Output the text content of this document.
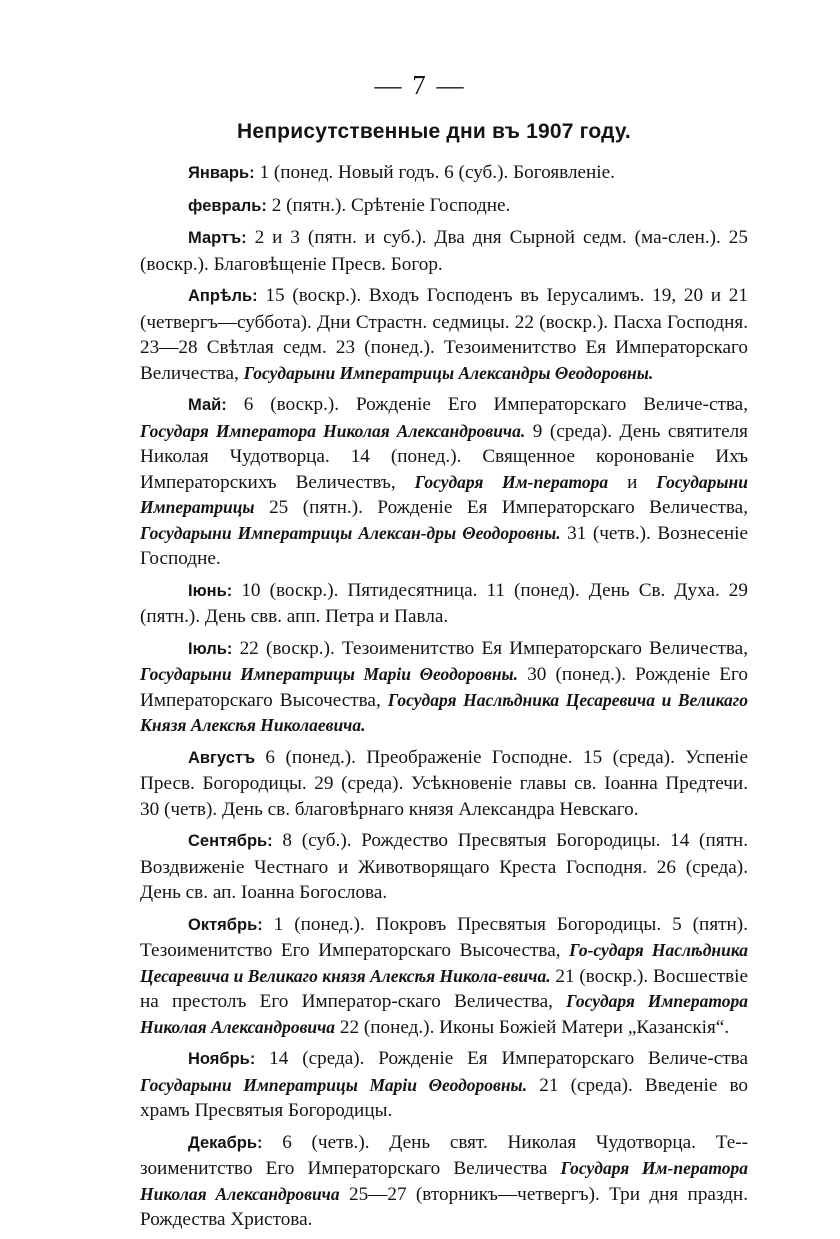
— 7 —
Неприсутственные дни въ 1907 году.

Январь: 1 (понед. Новый годъ. 6 (суб.). Богоявленіе.

февраль: 2 (пятн.). Срѣтеніе Господне.

Мартъ: 2 и 3 (пятн. и суб.). Два дня Сырной седм. (ма-слен.). 25 (воскр.). Благовѣщеніе Пресв. Богор.

Апрѣль: 15 (воскр.). Входъ Господенъ въ Іерусалимъ. 19, 20 и 21 (четвергъ—суббота). Дни Страстн. седмицы. 22 (воскр.). Пасха Господня. 23—28 Свѣтлая седм. 23 (понед.). Тезоименитство Ея Императорскаго Величества, Государыни Императрицы Александры Θеодоровны.

Май: 6 (воскр.). Рожденіе Его Императорскаго Величе-ства, Государя Императора Николая Александровича. 9 (среда). День святителя Николая Чудотворца. 14 (понед.). Священное коронованіе Ихъ Императорскихъ Величествъ, Государя Им-ператора и Государыни Императрицы 25 (пятн.). Рожденіе Ея Императорскаго Величества, Государыни Императрицы Алексан-дры Θеодоровны. 31 (четв.). Вознесеніе Господне.

Іюнь: 10 (воскр.). Пятидесятница. 11 (понед). День Св. Духа. 29 (пятн.). День свв. апп. Петра и Павла.

Іюль: 22 (воскр.). Тезоименитство Ея Императорскаго Величества, Государыни Императрицы Маріи Θеодоровны. 30 (понед.). Рожденіе Его Императорскаго Высочества, Государя Наслѣдника Цесаревича и Великаго Князя Алексѣя Николаевича.

Августъ 6 (понед.). Преображеніе Господне. 15 (среда). Успеніе Пресв. Богородицы. 29 (среда). Усѣкновеніе главы св. Іоанна Предтечи. 30 (четв). День св. благовѣрнаго князя Александра Невскаго.

Сентябрь: 8 (суб.). Рождество Пресвятыя Богородицы. 14 (пятн. Воздвиженіе Честнаго и Животворящаго Креста Господня. 26 (среда). День св. ап. Іоанна Богослова.

Октябрь: 1 (понед.). Покровъ Пресвятыя Богородицы. 5 (пятн). Тезоименитство Его Императорскаго Высочества, Го-сударя Наслѣдника Цесаревича и Великаго князя Алексѣя Никола-евича. 21 (воскр.). Восшествіе на престолъ Его Император-скаго Величества, Государя Императора Николая Александровича 22 (понед.). Иконы Божіей Матери „Казанскія“.

Ноябрь: 14 (среда). Рожденіе Ея Императорскаго Величе-ства Государыни Императрицы Маріи Θеодоровны. 21 (среда). Введеніе во храмъ Пресвятыя Богородицы.

Декабрь: 6 (четв.). День свят. Николая Чудотворца. Те-зоименитство Его Императорскаго Величества Государя Им-ператора Николая Александровича 25—27 (вторникъ—четвергъ). Три дня праздн. Рождества Христова.
